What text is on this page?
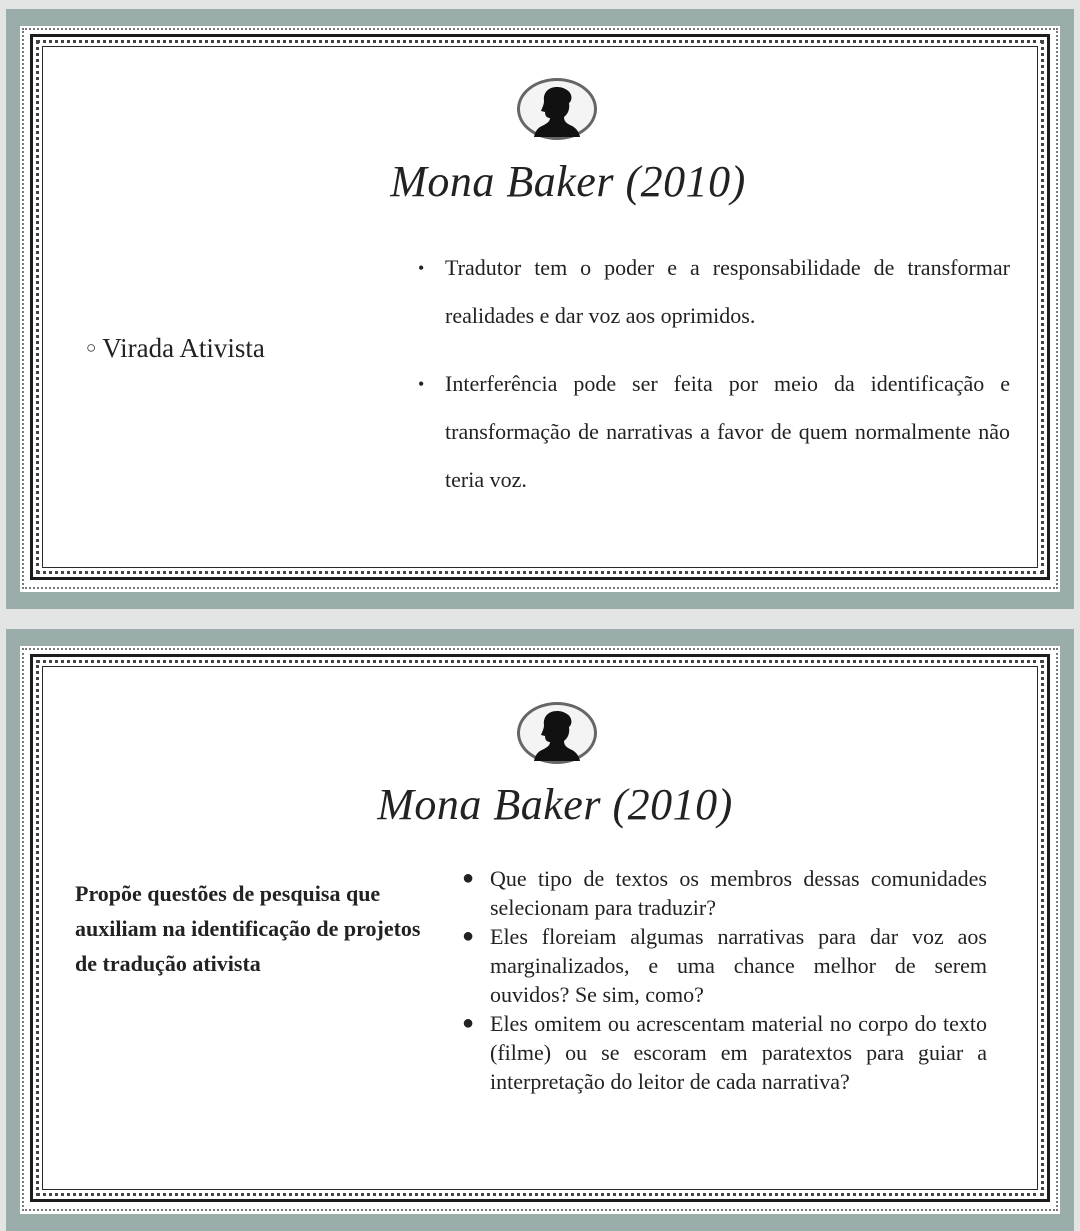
Mona Baker (2010)
○ Virada Ativista
• Tradutor tem o poder e a responsabilidade de transformar realidades e dar voz aos oprimidos.
• Interferência pode ser feita por meio da identificação e transformação de narrativas a favor de quem normalmente não teria voz.
Mona Baker (2010)
Propõe questões de pesquisa que auxiliam na identificação de projetos de tradução ativista
● Que tipo de textos os membros dessas comunidades selecionam para traduzir?
● Eles floreiam algumas narrativas para dar voz aos marginalizados, e uma chance melhor de serem ouvidos? Se sim, como?
● Eles omitem ou acrescentam material no corpo do texto (filme) ou se escoram em paratextos para guiar a interpretação do leitor de cada narrativa?
